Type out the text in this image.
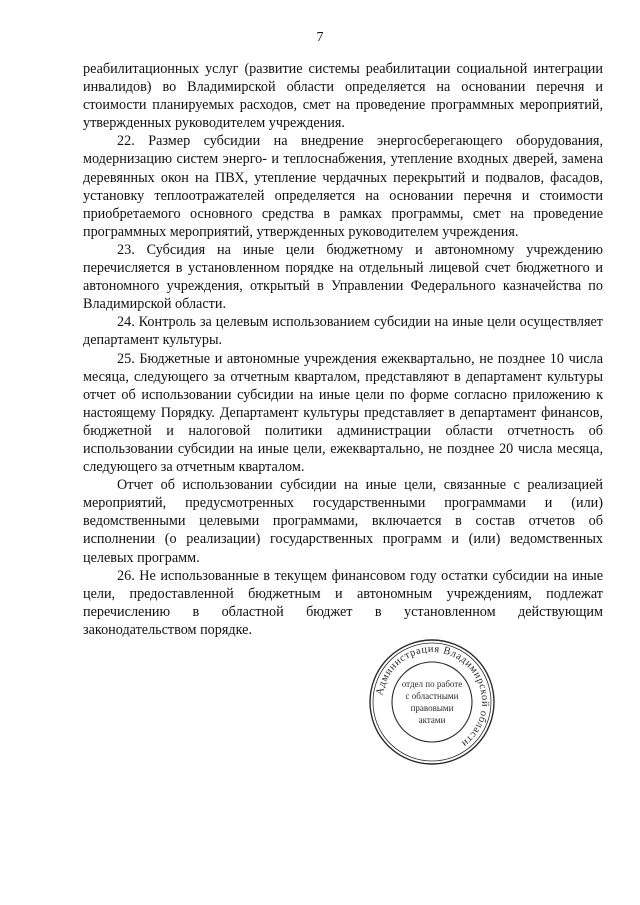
7

реабилитационных услуг (развитие системы реабилитации социальной интеграции инвалидов) во Владимирской области определяется на основании перечня и стоимости планируемых расходов, смет на проведение программных мероприятий, утвержденных руководителем учреждения.

22. Размер субсидии на внедрение энергосберегающего оборудования, модернизацию систем энерго- и теплоснабжения, утепление входных дверей, замена деревянных окон на ПВХ, утепление чердачных перекрытий и подвалов, фасадов, установку теплоотражателей определяется на основании перечня и стоимости приобретаемого основного средства в рамках программы, смет на проведение программных мероприятий, утвержденных руководителем учреждения.

23. Субсидия на иные цели бюджетному и автономному учреждению перечисляется в установленном порядке на отдельный лицевой счет бюджетного и автономного учреждения, открытый в Управлении Федерального казначейства по Владимирской области.

24. Контроль за целевым использованием субсидии на иные цели осуществляет департамент культуры.

25. Бюджетные и автономные учреждения ежеквартально, не позднее 10 числа месяца, следующего за отчетным кварталом, представляют в департамент культуры отчет об использовании субсидии на иные цели по форме согласно приложению к настоящему Порядку. Департамент культуры представляет в департамент финансов, бюджетной и налоговой политики администрации области отчетность об использовании субсидии на иные цели, ежеквартально, не позднее 20 числа месяца, следующего за отчетным кварталом.

Отчет об использовании субсидии на иные цели, связанные с реализацией мероприятий, предусмотренных государственными программами и (или) ведомственными целевыми программами, включается в состав отчетов об исполнении (о реализации) государственных программ и (или) ведомственных целевых программ.

26. Не использованные в текущем финансовом году остатки субсидии на иные цели, предоставленной бюджетным и автономным учреждениям, подлежат перечислению в областной бюджет в установленном действующим законодательством порядке.

Администрация Владимирской области
отдел по работе
с областными
правовыми
актами
